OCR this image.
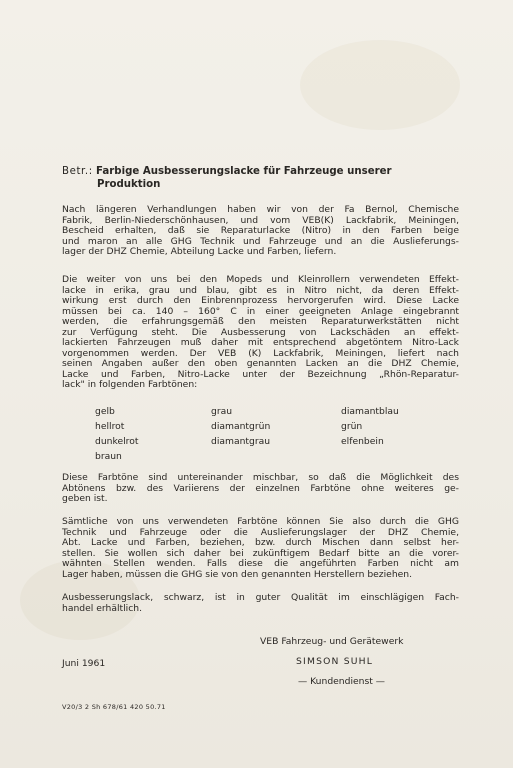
Betr.: Farbige Ausbesserungslacke für Fahrzeuge unserer
Produktion
Nach längeren Verhandlungen haben wir von der Fa Bernol, Chemische
Fabrik, Berlin-Niederschönhausen, und vom VEB(K) Lackfabrik, Meiningen,
Bescheid erhalten, daß sie Reparaturlacke (Nitro) in den Farben beige
und maron an alle GHG Technik und Fahrzeuge und an die Auslieferungs-
lager der DHZ Chemie, Abteilung Lacke und Farben, liefern.
Die weiter von uns bei den Mopeds und Kleinrollern verwendeten Effekt-
lacke in erika, grau und blau, gibt es in Nitro nicht, da deren Effekt-
wirkung erst durch den Einbrennprozess hervorgerufen wird. Diese Lacke
müssen bei ca. 140 – 160° C in einer geeigneten Anlage eingebrannt
werden, die erfahrungsgemäß den meisten Reparaturwerkstätten nicht
zur Verfügung steht. Die Ausbesserung von Lackschäden an effekt-
lackierten Fahrzeugen muß daher mit entsprechend abgetöntem Nitro-Lack
vorgenommen werden. Der VEB (K) Lackfabrik, Meiningen, liefert nach
seinen Angaben außer den oben genannten Lacken an die DHZ Chemie,
Lacke und Farben, Nitro-Lacke unter der Bezeichnung „Rhön-Reparatur-
lack" in folgenden Farbtönen:
gelb
hellrot
dunkelrot
braun
grau
diamantgrün
diamantgrau
diamantblau
grün
elfenbein
Diese Farbtöne sind untereinander mischbar, so daß die Möglichkeit des
Abtönens bzw. des Variierens der einzelnen Farbtöne ohne weiteres ge-
geben ist.
Sämtliche von uns verwendeten Farbtöne können Sie also durch die GHG
Technik und Fahrzeuge oder die Auslieferungslager der DHZ Chemie,
Abt. Lacke und Farben, beziehen, bzw. durch Mischen dann selbst her-
stellen. Sie wollen sich daher bei zukünftigem Bedarf bitte an die vorer-
wähnten Stellen wenden. Falls diese die angeführten Farben nicht am
Lager haben, müssen die GHG sie von den genannten Herstellern beziehen.
Ausbesserungslack, schwarz, ist in guter Qualität im einschlägigen Fach-
handel erhältlich.
VEB Fahrzeug- und Gerätewerk
SIMSON SUHL
— Kundendienst —
Juni 1961
V20/3 2 Sh 678/61 420 50.71
